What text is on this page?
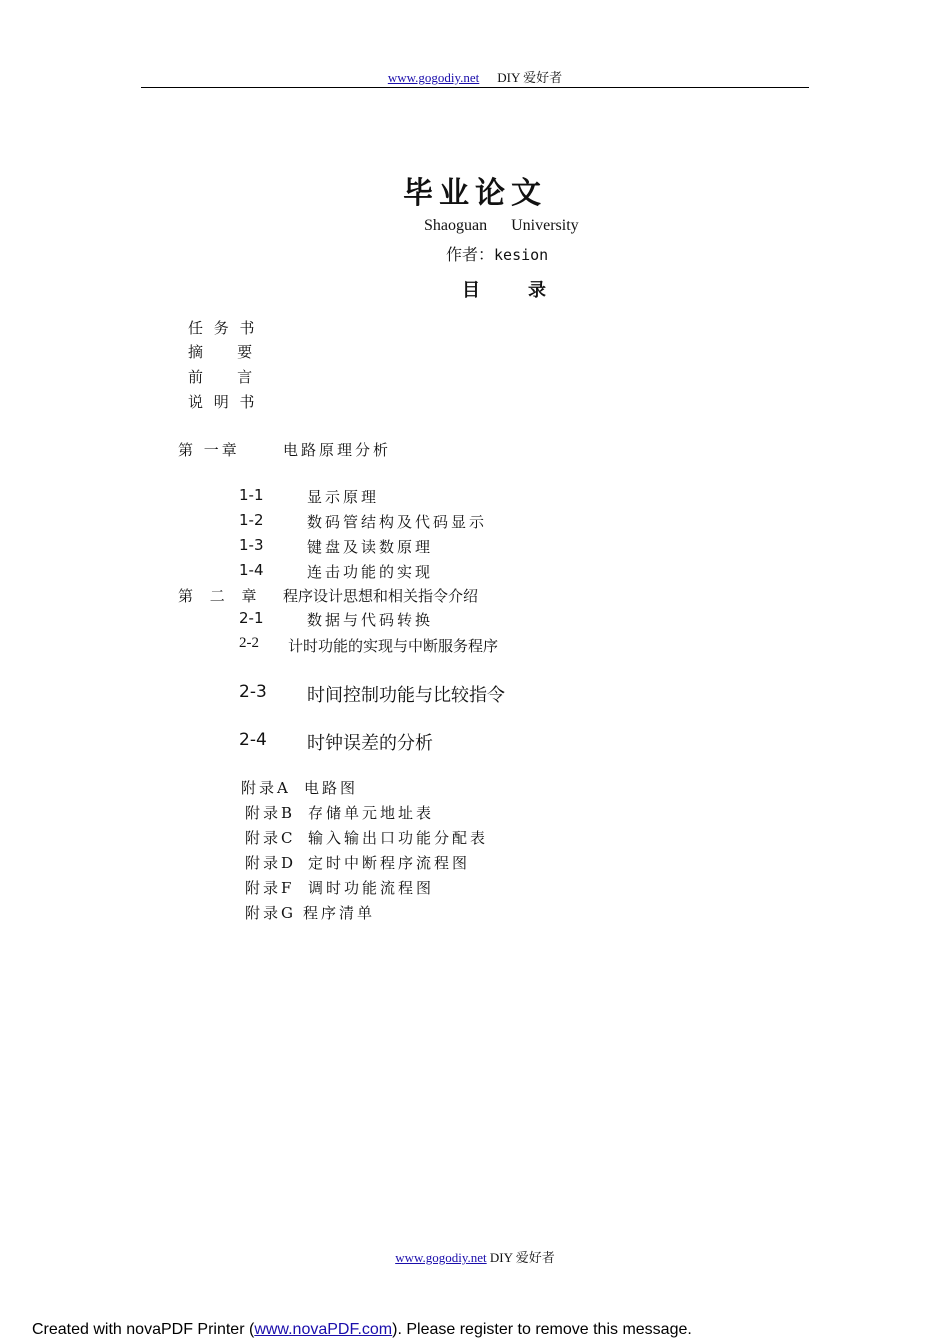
www.gogodiy.net DIY 爱好者
毕业论文
Shaoguan University
作者：kesion
目	录
任 务 书
摘    要
前    言
说 明 书
第 一章	电路原理分析
1-1	显示原理
1-2	数码管结构及代码显示
1-3	键盘及读数原理
1-4	连击功能的实现
第 二 章 程序设计思想和相关指令介绍
2-1	数据与代码转换
2-2 计时功能的实现与中断服务程序
2-3 时间控制功能与比较指令
2-4 时钟误差的分析
附录A 电路图
附录B 存储单元地址表
附录C 输入输出口功能分配表
附录D 定时中断程序流程图
附录F 调时功能流程图
附录G 程序清单
www.gogodiy.net DIY 爱好者
Created with novaPDF Printer (www.novaPDF.com). Please register to remove this message.
